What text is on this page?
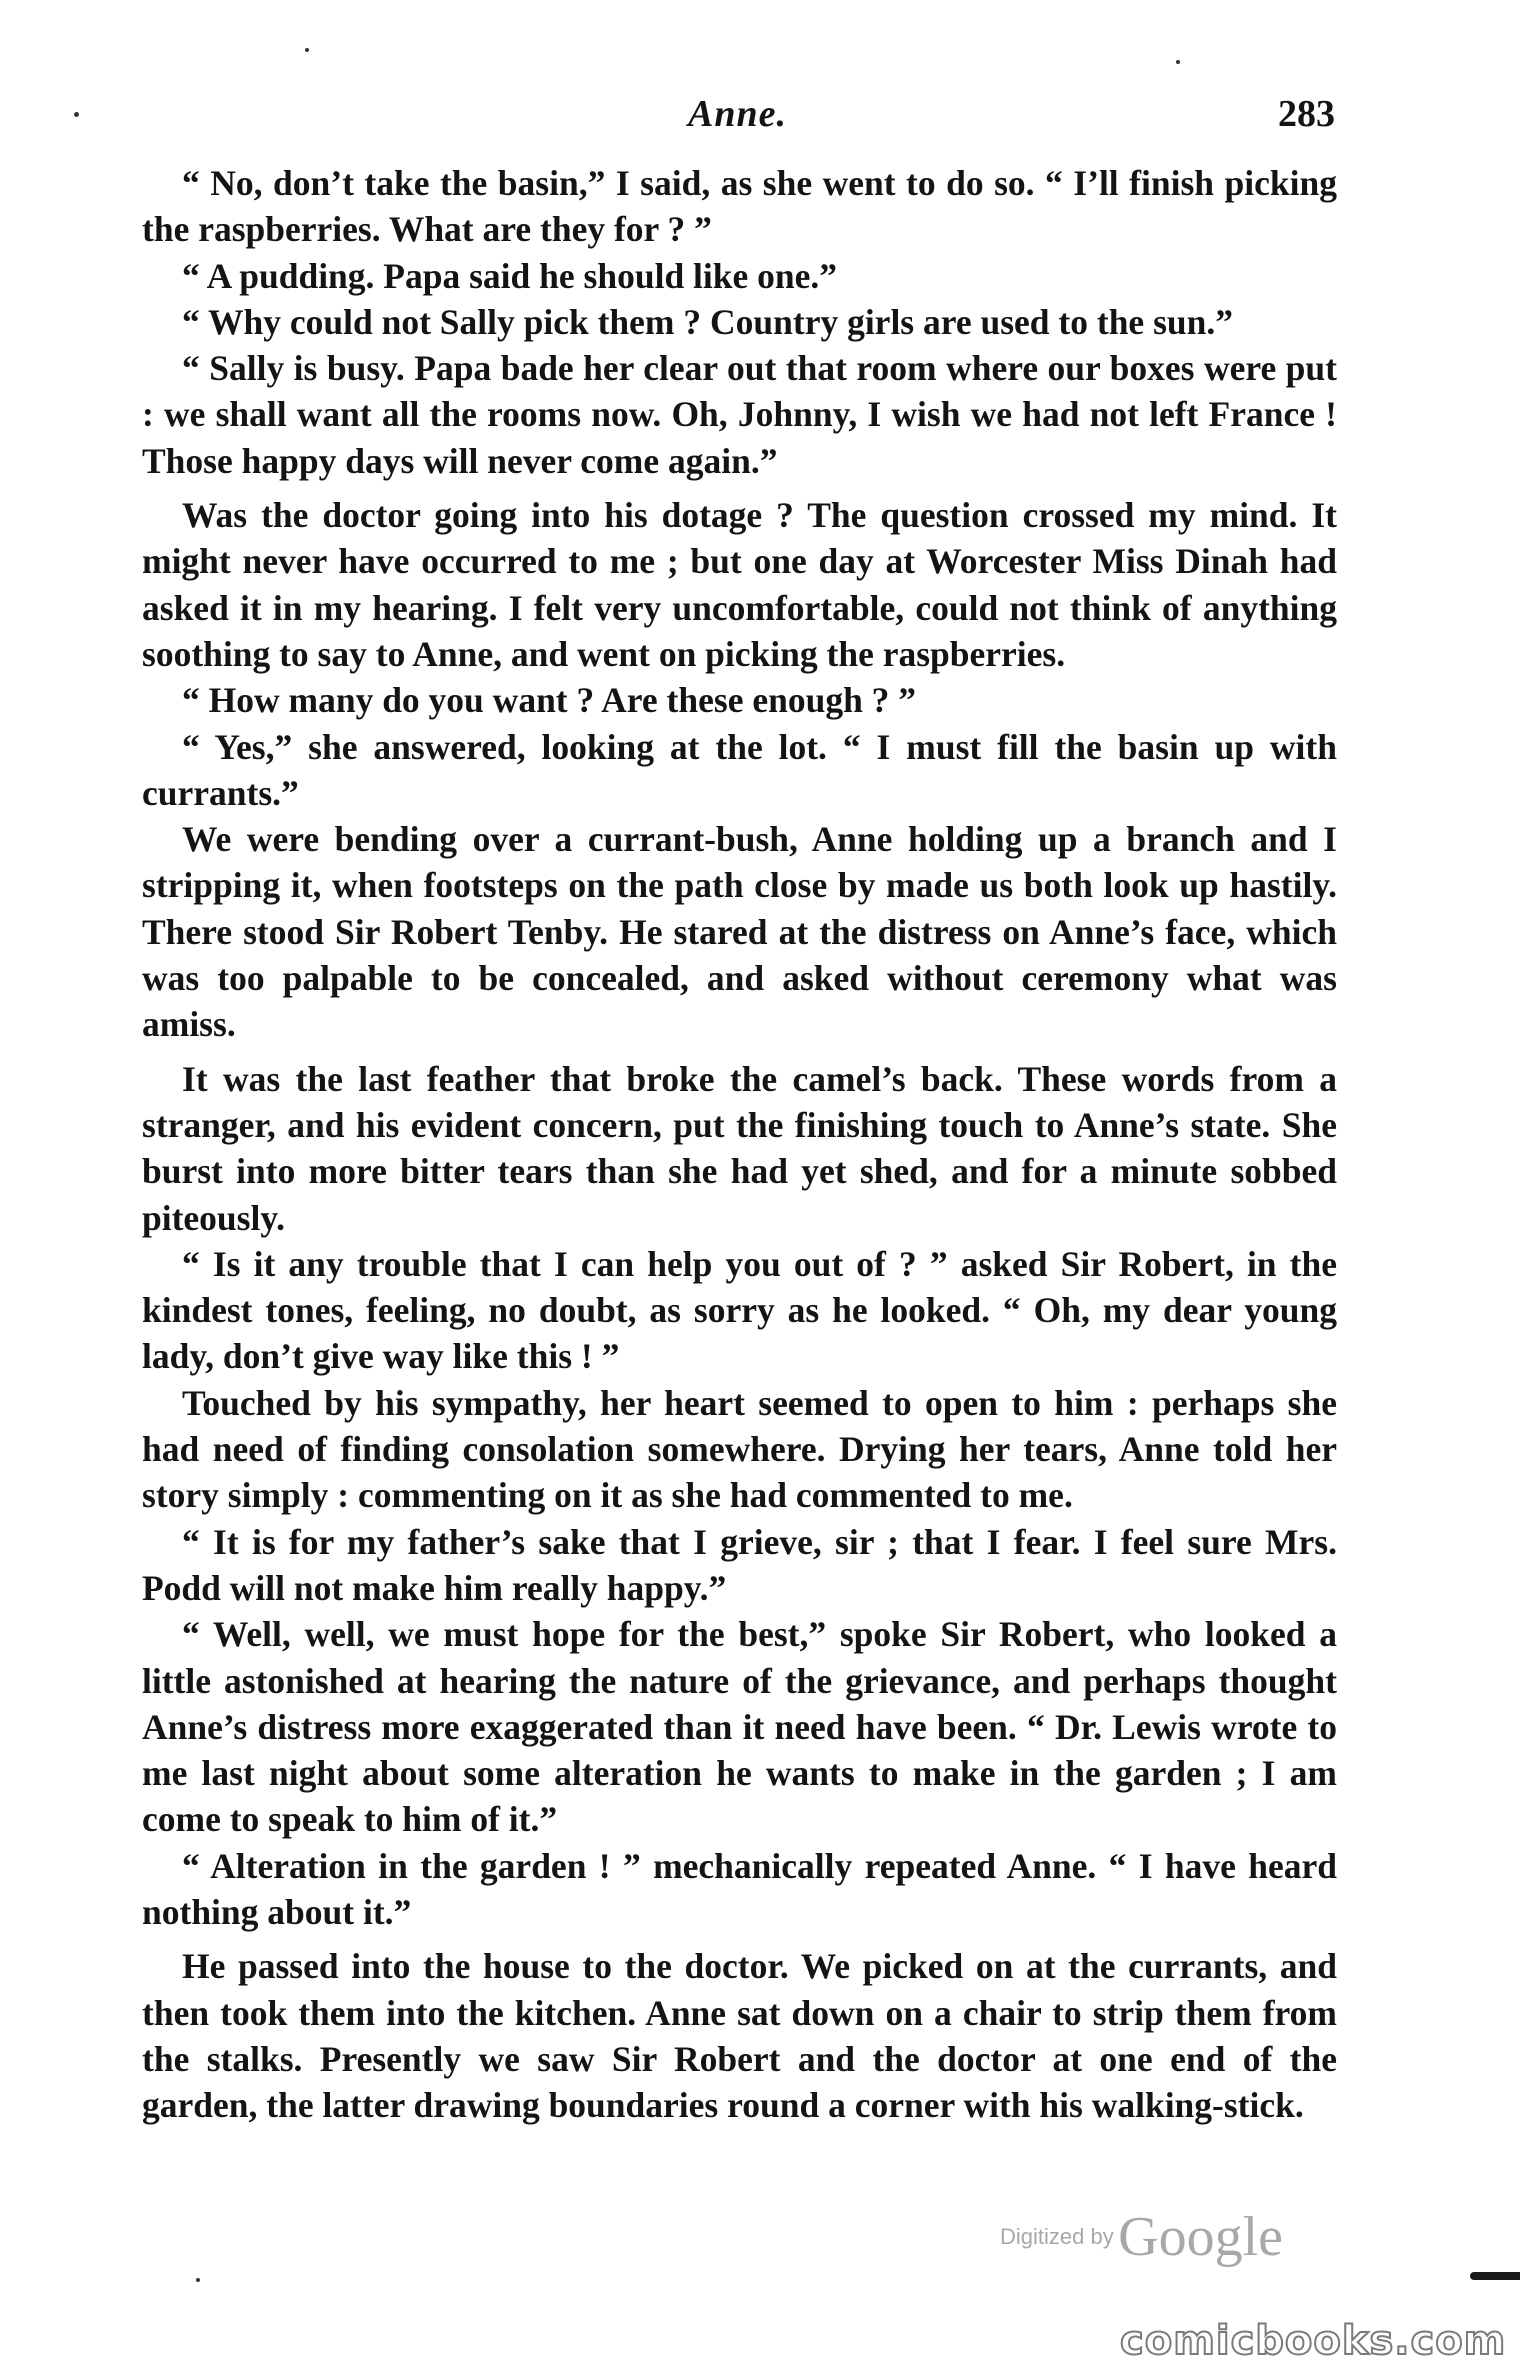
Anne.	283

“ No, don’t take the basin,” I said, as she went to do so. “ I’ll finish picking the raspberries. What are they for ? ”

“ A pudding. Papa said he should like one.”

“ Why could not Sally pick them ? Country girls are used to the sun.”

“ Sally is busy. Papa bade her clear out that room where our boxes were put : we shall want all the rooms now. Oh, Johnny, I wish we had not left France ! Those happy days will never come again.”

Was the doctor going into his dotage ? The question crossed my mind. It might never have occurred to me ; but one day at Worcester Miss Dinah had asked it in my hearing. I felt very uncomfortable, could not think of anything soothing to say to Anne, and went on picking the raspberries.

“ How many do you want ? Are these enough ? ”

“ Yes,” she answered, looking at the lot. “ I must fill the basin up with currants.”

We were bending over a currant-bush, Anne holding up a branch and I stripping it, when footsteps on the path close by made us both look up hastily. There stood Sir Robert Tenby. He stared at the distress on Anne’s face, which was too palpable to be concealed, and asked without ceremony what was amiss.

It was the last feather that broke the camel’s back. These words from a stranger, and his evident concern, put the finishing touch to Anne’s state. She burst into more bitter tears than she had yet shed, and for a minute sobbed piteously.

“ Is it any trouble that I can help you out of ? ” asked Sir Robert, in the kindest tones, feeling, no doubt, as sorry as he looked. “ Oh, my dear young lady, don’t give way like this ! ”

Touched by his sympathy, her heart seemed to open to him : perhaps she had need of finding consolation somewhere. Drying her tears, Anne told her story simply : commenting on it as she had commented to me.

“ It is for my father’s sake that I grieve, sir ; that I fear. I feel sure Mrs. Podd will not make him really happy.”

“ Well, well, we must hope for the best,” spoke Sir Robert, who looked a little astonished at hearing the nature of the grievance, and perhaps thought Anne’s distress more exaggerated than it need have been. “ Dr. Lewis wrote to me last night about some alteration he wants to make in the garden ; I am come to speak to him of it.”

“ Alteration in the garden ! ” mechanically repeated Anne. “ I have heard nothing about it.”

He passed into the house to the doctor. We picked on at the currants, and then took them into the kitchen. Anne sat down on a chair to strip them from the stalks. Presently we saw Sir Robert and the doctor at one end of the garden, the latter drawing boundaries round a corner with his walking-stick.

Digitized by Google
comicbooks.com
